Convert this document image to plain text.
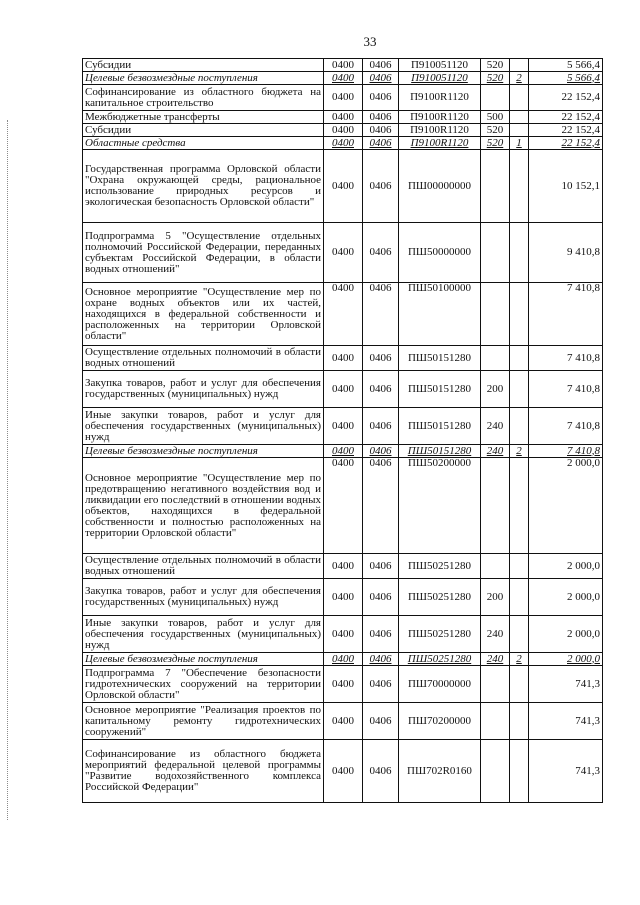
33
Субсидии	0400	0406	П910051120	520		5 566,4
Целевые безвозмездные поступления	0400	0406	П910051120	520	2	5 566,4
Софинансирование из областного бюджета на капитальное строительство	0400	0406	П9100R1120			22 152,4
Межбюджетные трансферты	0400	0406	П9100R1120	500		22 152,4
Субсидии	0400	0406	П9100R1120	520		22 152,4
Областные средства	0400	0406	П9100R1120	520	1	22 152,4
Государственная программа Орловской области "Охрана окружающей среды, рациональное использование природных ресурсов и экологическая безопасность Орловской области"	0400	0406	ПШ00000000			10 152,1
Подпрограмма 5 "Осуществление отдельных полномочий Российской Федерации, переданных субъектам Российской Федерации, в области водных отношений"	0400	0406	ПШ50000000			9 410,8
Основное мероприятие "Осуществление мер по охране водных объектов или их частей, находящихся в федеральной собственности и расположенных на территории Орловской области"	0400	0406	ПШ50100000			7 410,8
Осуществление отдельных полномочий в области водных отношений	0400	0406	ПШ50151280			7 410,8
Закупка товаров, работ и услуг для обеспечения государственных (муниципальных) нужд	0400	0406	ПШ50151280	200		7 410,8
Иные закупки товаров, работ и услуг для обеспечения государственных (муниципальных) нужд	0400	0406	ПШ50151280	240		7 410,8
Целевые безвозмездные поступления	0400	0406	ПШ50151280	240	2	7 410,8
Основное мероприятие "Осуществление мер по предотвращению негативного воздействия вод и ликвидации его последствий в отношении водных объектов, находящихся в федеральной собственности и полностью расположенных на территории Орловской области"	0400	0406	ПШ50200000			2 000,0
Осуществление отдельных полномочий в области водных отношений	0400	0406	ПШ50251280			2 000,0
Закупка товаров, работ и услуг для обеспечения государственных (муниципальных) нужд	0400	0406	ПШ50251280	200		2 000,0
Иные закупки товаров, работ и услуг для обеспечения государственных (муниципальных) нужд	0400	0406	ПШ50251280	240		2 000,0
Целевые безвозмездные поступления	0400	0406	ПШ50251280	240	2	2 000,0
Подпрограмма 7 "Обеспечение безопасности гидротехнических сооружений на территории Орловской области"	0400	0406	ПШ70000000			741,3
Основное мероприятие "Реализация проектов по капитальному ремонту гидротехнических сооружений"	0400	0406	ПШ70200000			741,3
Софинансирование из областного бюджета мероприятий федеральной целевой программы "Развитие водохозяйственного комплекса Российской Федерации"	0400	0406	ПШ702R0160			741,3
